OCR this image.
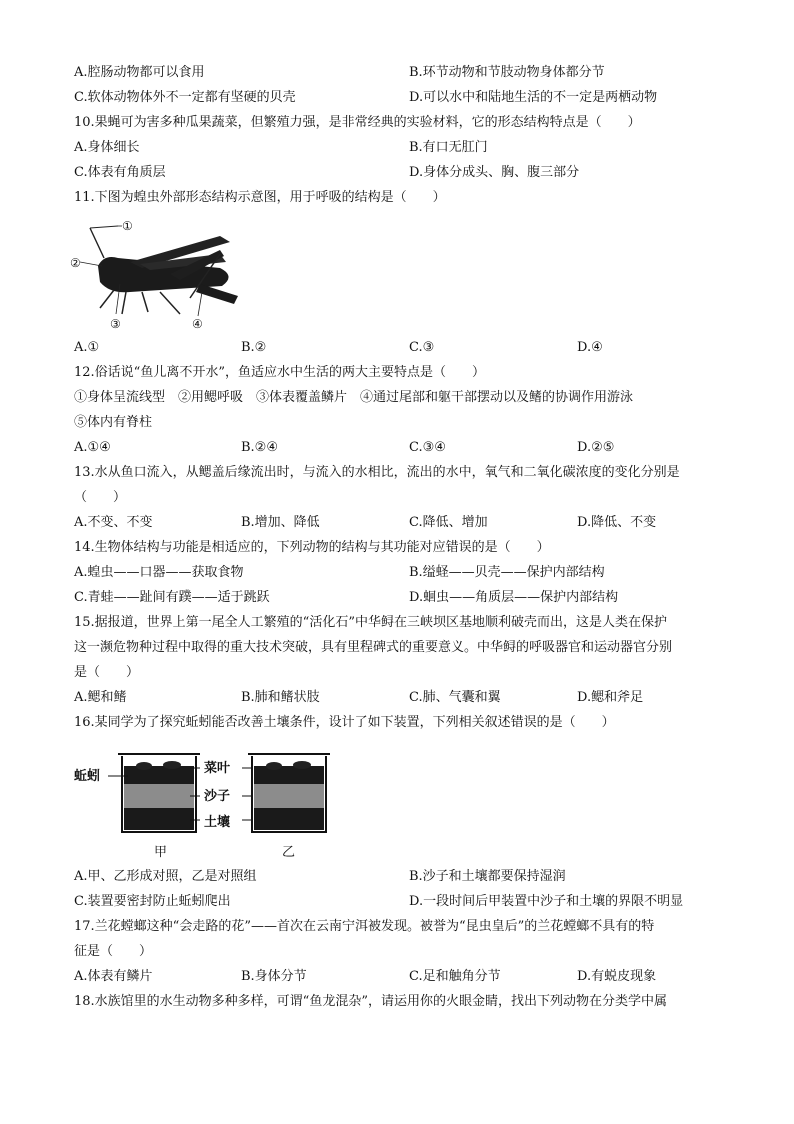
A.腔肠动物都可以食用	B.环节动物和节肢动物身体都分节
C.软体动物体外不一定都有坚硬的贝壳	D.可以水中和陆地生活的不一定是两栖动物
10.果蝇可为害多种瓜果蔬菜，但繁殖力强，是非常经典的实验材料，它的形态结构特点是（　　）
A.身体细长	B.有口无肛门
C.体表有角质层	D.身体分成头、胸、腹三部分
11.下图为蝗虫外部形态结构示意图，用于呼吸的结构是（　　）
①
②
③	④
A.①	B.②	C.③	D.④
12.俗话说“鱼儿离不开水”，鱼适应水中生活的两大主要特点是（　　）
①身体呈流线型　②用鳃呼吸　③体表覆盖鳞片　④通过尾部和躯干部摆动以及鳍的协调作用游泳
⑤体内有脊柱
A.①④	B.②④	C.③④	D.②⑤
13.水从鱼口流入，从鳃盖后缘流出时，与流入的水相比，流出的水中，氧气和二氧化碳浓度的变化分别是
（　　）
A.不变、不变	B.增加、降低	C.降低、增加	D.降低、不变
14.生物体结构与功能是相适应的，下列动物的结构与其功能对应错误的是（　　）
A.蝗虫——口器——获取食物	B.缢蛏——贝壳——保护内部结构
C.青蛙——趾间有蹼——适于跳跃	D.蛔虫——角质层——保护内部结构
15.据报道，世界上第一尾全人工繁殖的“活化石”中华鲟在三峡坝区基地顺利破壳而出，这是人类在保护
这一濒危物种过程中取得的重大技术突破，具有里程碑式的重要意义。中华鲟的呼吸器官和运动器官分别
是（　　）
A.鳃和鳍	B.肺和鳍状肢	C.肺、气囊和翼	D.鳃和斧足
16.某同学为了探究蚯蚓能否改善土壤条件，设计了如下装置，下列相关叙述错误的是（　　）
蚯蚓
菜叶
沙子
土壤
甲	乙
A.甲、乙形成对照，乙是对照组	B.沙子和土壤都要保持湿润
C.装置要密封防止蚯蚓爬出	D.一段时间后甲装置中沙子和土壤的界限不明显
17.兰花螳螂这种“会走路的花”——首次在云南宁洱被发现。被誉为“昆虫皇后”的兰花螳螂不具有的特
征是（　　）
A.体表有鳞片	B.身体分节	C.足和触角分节	D.有蜕皮现象
18.水族馆里的水生动物多种多样，可谓“鱼龙混杂”，请运用你的火眼金睛，找出下列动物在分类学中属
